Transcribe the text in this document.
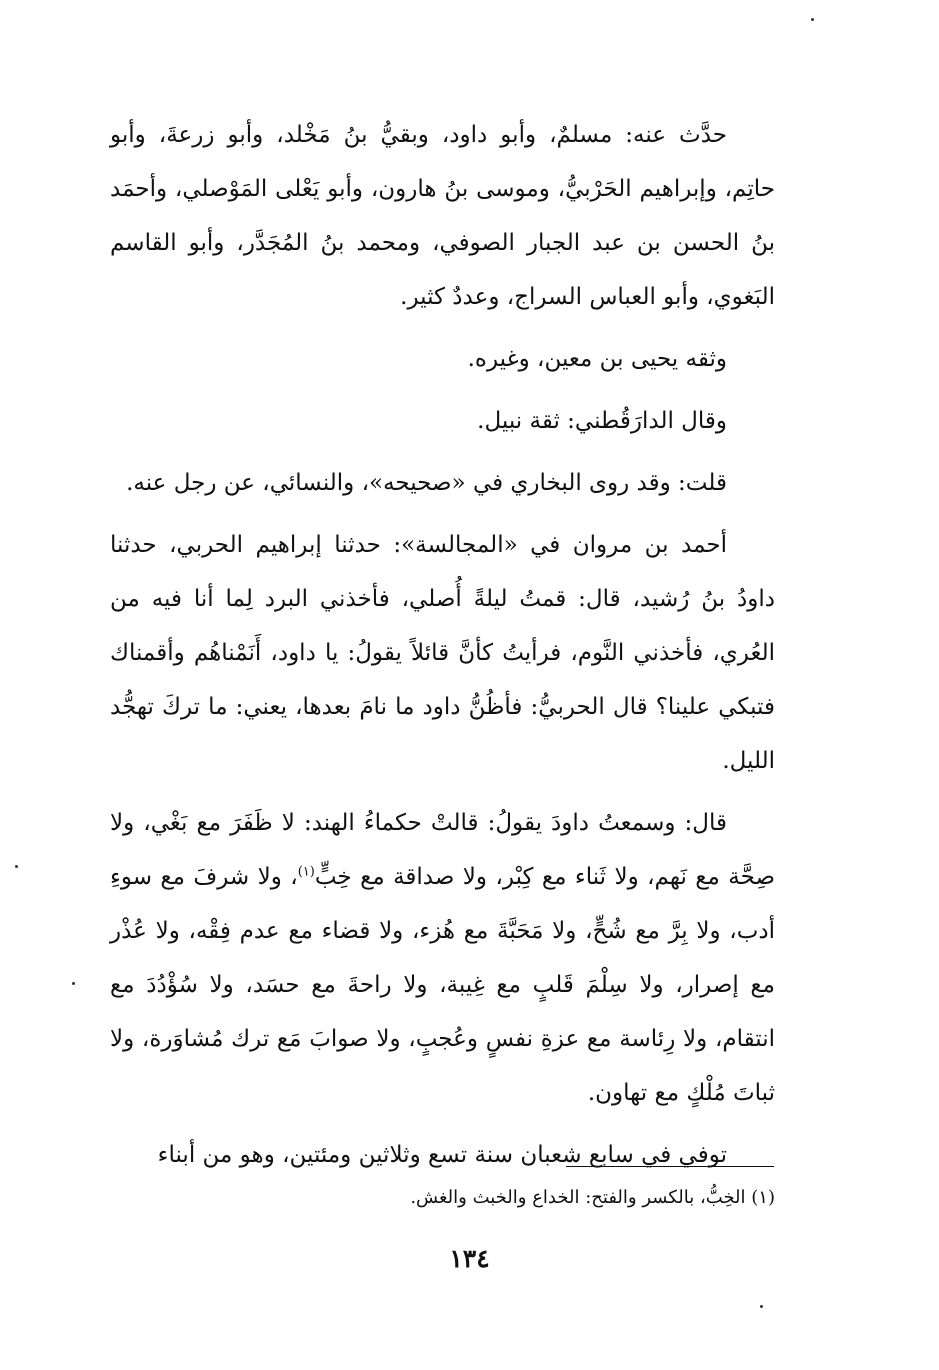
حدَّث عنه: مسلمٌ، وأبو داود، وبقيُّ بنُ مَخْلد، وأبو زرعةَ، وأبو حاتِم، وإبراهيم الحَرْبيُّ، وموسى بنُ هارون، وأبو يَعْلى المَوْصلي، وأحمَد بنُ الحسن بن عبد الجبار الصوفي، ومحمد بنُ المُجَدَّر، وأبو القاسم البَغوي، وأبو العباس السراج، وعددٌ كثير.

وثقه يحيى بن معين، وغيره.

وقال الدارَقُطني: ثقة نبيل.

قلت: وقد روى البخاري في «صحيحه»، والنسائي، عن رجل عنه.

أحمد بن مروان في «المجالسة»: حدثنا إبراهيم الحربي، حدثنا داودُ بنُ رُشيد، قال: قمتُ ليلةً أُصلي، فأخذني البرد لِما أنا فيه من العُري، فأخذني النَّوم، فرأيتُ كأنَّ قائلاً يقولُ: يا داود، أَنَمْناهُم وأقمناك فتبكي علينا؟ قال الحربيُّ: فأظُنُّ داود ما نامَ بعدها، يعني: ما تركَ تهجُّد الليل.

قال: وسمعتُ داودَ يقولُ: قالتْ حكماءُ الهند: لا ظَفَرَ مع بَغْي، ولا صِحَّة مع نَهم، ولا ثَناء مع كِبْر، ولا صداقة مع خِبٍّ$^{(١)}$، ولا شرفَ مع سوءِ أدب، ولا بِرَّ مع شُحٍّ، ولا مَحَبَّةَ مع هُزء، ولا قضاء مع عدم فِقْه، ولا عُذْر مع إصرار، ولا سِلْمَ قَلبٍ مع غِيبة، ولا راحةَ مع حسَد، ولا سُؤْدُدَ مع انتقام، ولا رِئاسة مع عزةِ نفسٍ وعُجبٍ، ولا صوابَ مَع ترك مُشاوَرة، ولا ثباتَ مُلْكٍ مع تهاون.

توفي في سابع شعبان سنة تسع وثلاثين ومئتين، وهو من أبناء

(١) الخِبُّ، بالكسر والفتح: الخداع والخبث والغش.
١٣٤
